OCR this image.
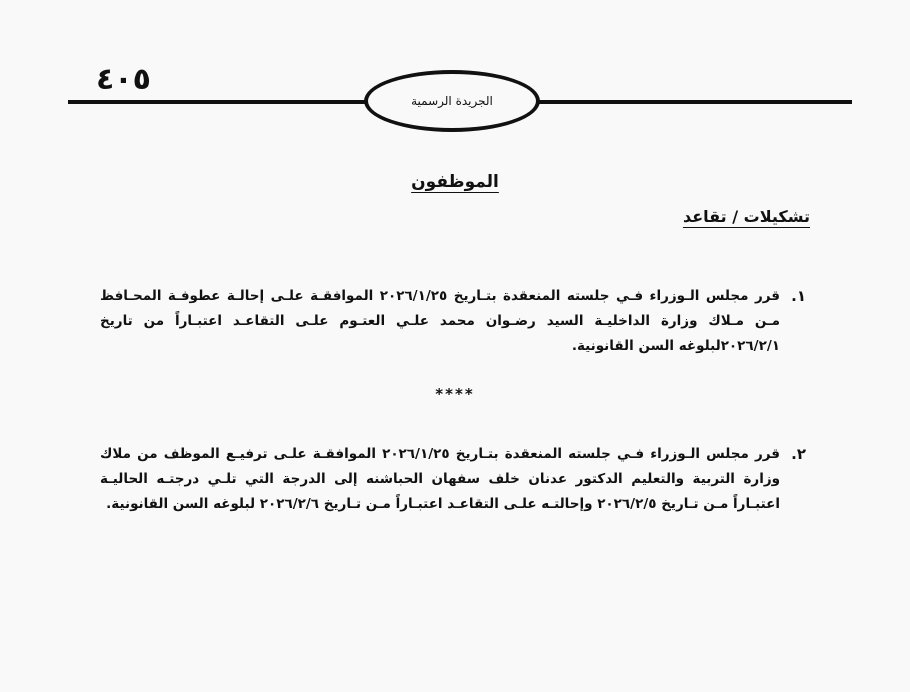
٤٠٥
الجريدة الرسمية
الموظفون
تشكيلات / تقاعد
١.
قرر مجلس الـوزراء فـي جلسته المنعقدة بتـاريخ ٢٠٢٦/١/٢٥ الموافقـة علـى إحالـة عطوفـة المحـافظ مـن مـلاك وزارة الداخليـة السيد رضـوان محمد علـي العتـوم علـى التقاعـد اعتبـاراً من تاريخ ٢٠٢٦/٢/١لبلوغه السن القانونية.
****
٢.
قرر مجلس الـوزراء فـي جلسته المنعقدة بتـاريخ ٢٠٢٦/١/٢٥ الموافقـة علـى ترفيـع الموظف من ملاك وزارة التربية والتعليم الدكتور عدنان خلف سفهان الحباشنه إلى الدرجة التي تلـي درجتـه الحاليـة اعتبـاراً مـن تـاريخ ٢٠٢٦/٢/٥ وإحالتـه علـى التقاعـد اعتبـاراً مـن تـاريخ ٢٠٢٦/٢/٦ لبلوغه السن القانونية.
